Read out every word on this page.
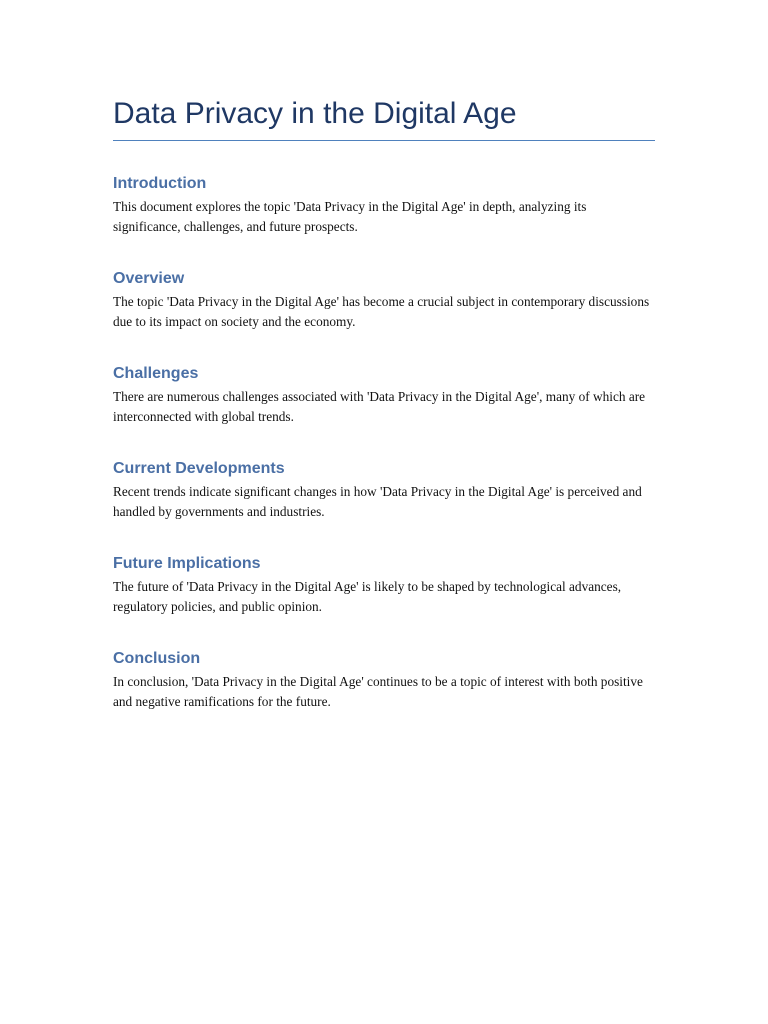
Data Privacy in the Digital Age
Introduction

This document explores the topic 'Data Privacy in the Digital Age' in depth, analyzing its significance, challenges, and future prospects.

Overview

The topic 'Data Privacy in the Digital Age' has become a crucial subject in contemporary discussions due to its impact on society and the economy.

Challenges

There are numerous challenges associated with 'Data Privacy in the Digital Age', many of which are interconnected with global trends.

Current Developments

Recent trends indicate significant changes in how 'Data Privacy in the Digital Age' is perceived and handled by governments and industries.

Future Implications

The future of 'Data Privacy in the Digital Age' is likely to be shaped by technological advances, regulatory policies, and public opinion.

Conclusion

In conclusion, 'Data Privacy in the Digital Age' continues to be a topic of interest with both positive and negative ramifications for the future.
